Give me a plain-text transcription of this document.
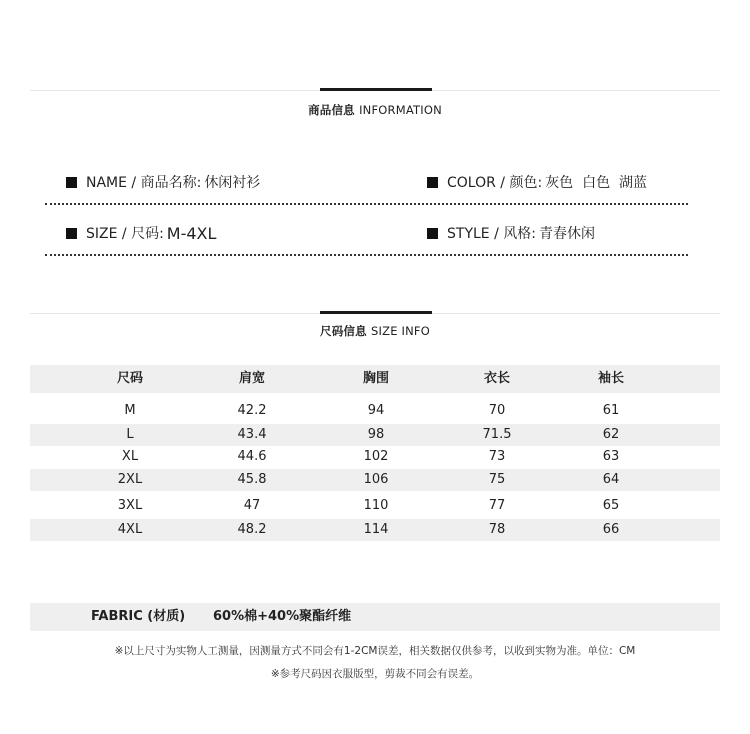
商品信息 INFORMATION
NAME / 商品名称: 休闲衬衫	COLOR / 颜色: 灰色  白色  湖蓝
SIZE / 尺码: M-4XL	STYLE / 风格: 青春休闲
尺码信息 SIZE INFO
尺码	肩宽	胸围	衣长	袖长
M	42.2	94	70	61
L	43.4	98	71.5	62
XL	44.6	102	73	63
2XL	45.8	106	75	64
3XL	47	110	77	65
4XL	48.2	114	78	66
FABRIC (材质) 60%棉+40%聚酯纤维
※以上尺寸为实物人工测量，因测量方式不同会有1-2CM误差，相关数据仅供参考，以收到实物为准。单位：CM
※参考尺码因衣服版型，剪裁不同会有误差。
